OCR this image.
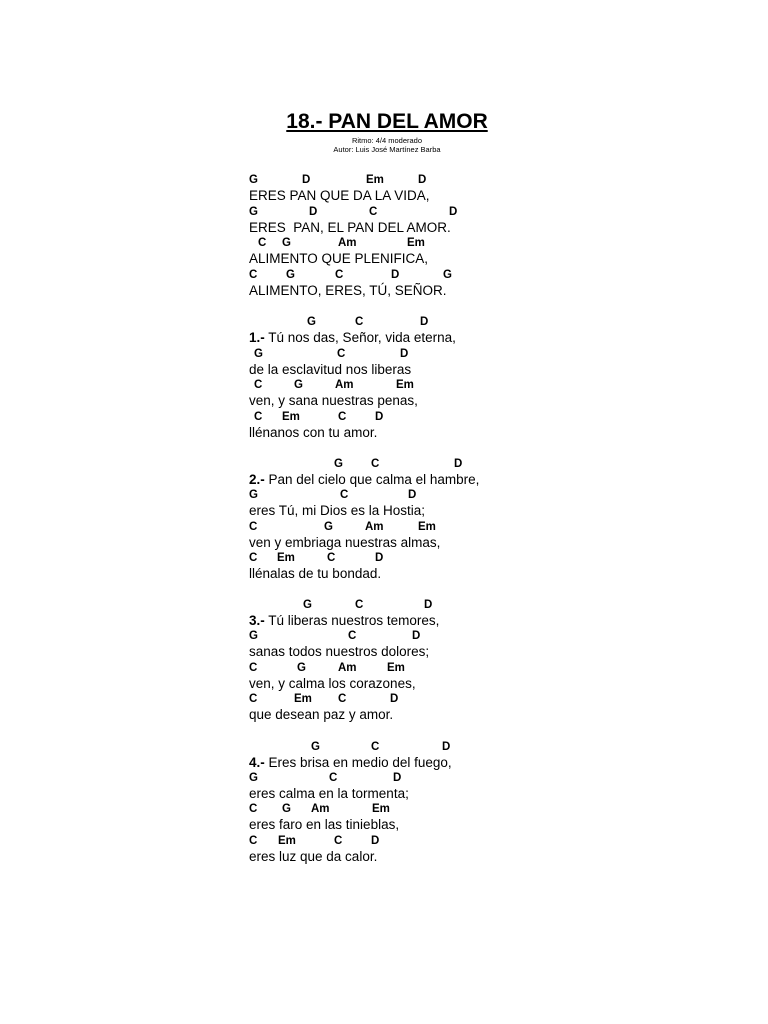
18.- PAN DEL AMOR
Ritmo: 4/4 moderado
Autor: Luis José Martínez Barba
G	D	Em	D
ERES PAN QUE DA LA VIDA,
G	D	C	D
ERES  PAN, EL PAN DEL AMOR.
C G	Am	Em
ALIMENTO QUE PLENIFICA,
C G	C	D	G
ALIMENTO, ERES, TÚ, SEÑOR.
G	C	D
1.- Tú nos das, Señor, vida eterna,
G	C	D
de la esclavitud nos liberas
C	G	Am	Em
ven, y sana nuestras penas,
C Em	C D
llénanos con tu amor.
G C	D
2.- Pan del cielo que calma el hambre,
G	C	D
eres Tú, mi Dios es la Hostia;
C	G	Am	Em
ven y embriaga nuestras almas,
C Em	C	D
llénalas de tu bondad.
G	C	D
3.- Tú liberas nuestros temores,
G	C	D
sanas todos nuestros dolores;
C	G	Am	Em
ven, y calma los corazones,
C	Em C	D
que desean paz y amor.
G	C	D
4.- Eres brisa en medio del fuego,
G	C	D
eres calma en la tormenta;
C G Am	Em
eres faro en las tinieblas,
C Em	C D
eres luz que da calor.
